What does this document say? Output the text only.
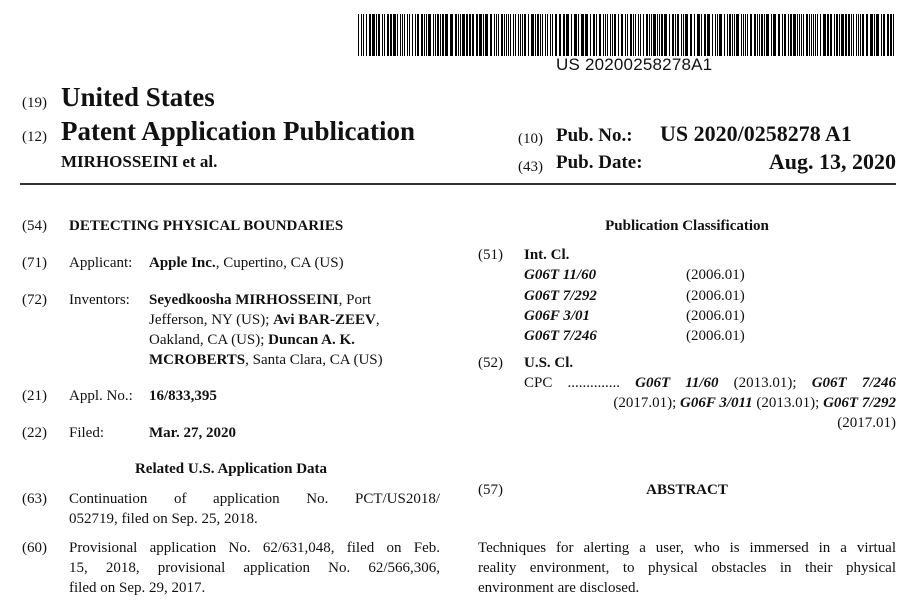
US 20200258278A1
(19) United States
(12) Patent Application Publication
MIRHOSSEINI et al.
(10) Pub. No.: US 2020/0258278 A1
(43) Pub. Date:	Aug. 13, 2020
(54) DETECTING PHYSICAL BOUNDARIES
(71) Applicant: Apple Inc., Cupertino, CA (US)
(72) Inventors: Seyedkoosha MIRHOSSEINI, Port
Jefferson, NY (US); Avi BAR-ZEEV,
Oakland, CA (US); Duncan A. K.
MCROBERTS, Santa Clara, CA (US)
(21) Appl. No.: 16/833,395
(22) Filed:	Mar. 27, 2020
Related U.S. Application Data
(63) Continuation of application No. PCT/US2018/
052719, filed on Sep. 25, 2018.
(60) Provisional application No. 62/631,048, filed on Feb.
15, 2018, provisional application No. 62/566,306,
filed on Sep. 29, 2017.
Publication Classification
(51) Int. Cl.
G06T 11/60	(2006.01)
G06T 7/292	(2006.01)
G06F 3/01	(2006.01)
G06T 7/246	(2006.01)
(52) U.S. Cl.
CPC .............. G06T 11/60 (2013.01); G06T 7/246
(2017.01); G06F 3/011 (2013.01); G06T 7/292
(2017.01)
(57)	ABSTRACT
Techniques for alerting a user, who is immersed in a virtual
reality environment, to physical obstacles in their physical
environment are disclosed.
